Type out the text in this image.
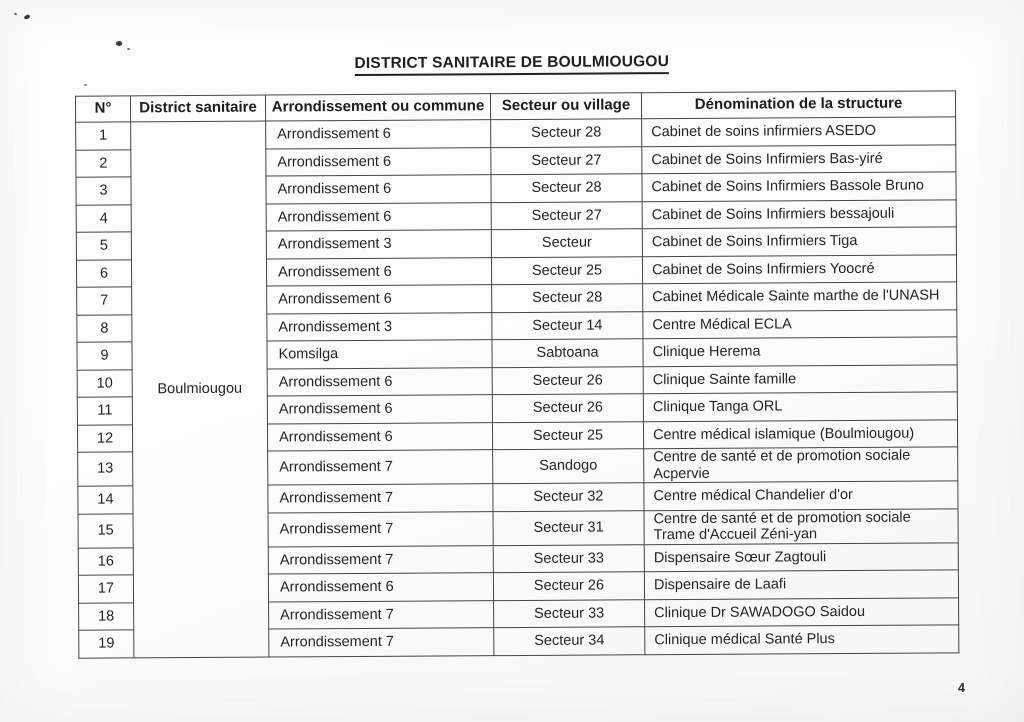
DISTRICT SANITAIRE DE BOULMIOUGOU
N°	District sanitaire	Arrondissement ou commune	Secteur ou village	Dénomination de la structure
1	Boulmiougou	Arrondissement 6	Secteur 28	Cabinet de soins infirmiers ASEDO
2		Arrondissement 6	Secteur 27	Cabinet de Soins Infirmiers Bas-yiré
3		Arrondissement 6	Secteur 28	Cabinet de Soins Infirmiers Bassole Bruno
4		Arrondissement 6	Secteur 27	Cabinet de Soins Infirmiers bessajouli
5		Arrondissement 3	Secteur	Cabinet de Soins Infirmiers Tiga
6		Arrondissement 6	Secteur 25	Cabinet de Soins Infirmiers Yoocré
7		Arrondissement 6	Secteur 28	Cabinet Médicale Sainte marthe de l'UNASH
8		Arrondissement 3	Secteur 14	Centre Médical ECLA
9		Komsilga	Sabtoana	Clinique Herema
10		Arrondissement 6	Secteur 26	Clinique Sainte famille
11		Arrondissement 6	Secteur 26	Clinique Tanga ORL
12		Arrondissement 6	Secteur 25	Centre médical islamique (Boulmiougou)
13		Arrondissement 7	Sandogo	Centre de santé et de promotion sociale Acpervie
14		Arrondissement 7	Secteur 32	Centre médical Chandelier d'or
15		Arrondissement 7	Secteur 31	Centre de santé et de promotion sociale Trame d'Accueil Zéni-yan
16		Arrondissement 7	Secteur 33	Dispensaire Sœur Zagtouli
17		Arrondissement 6	Secteur 26	Dispensaire de Laafi
18		Arrondissement 7	Secteur 33	Clinique Dr SAWADOGO Saidou
19		Arrondissement 7	Secteur 34	Clinique médical Santé Plus
4
